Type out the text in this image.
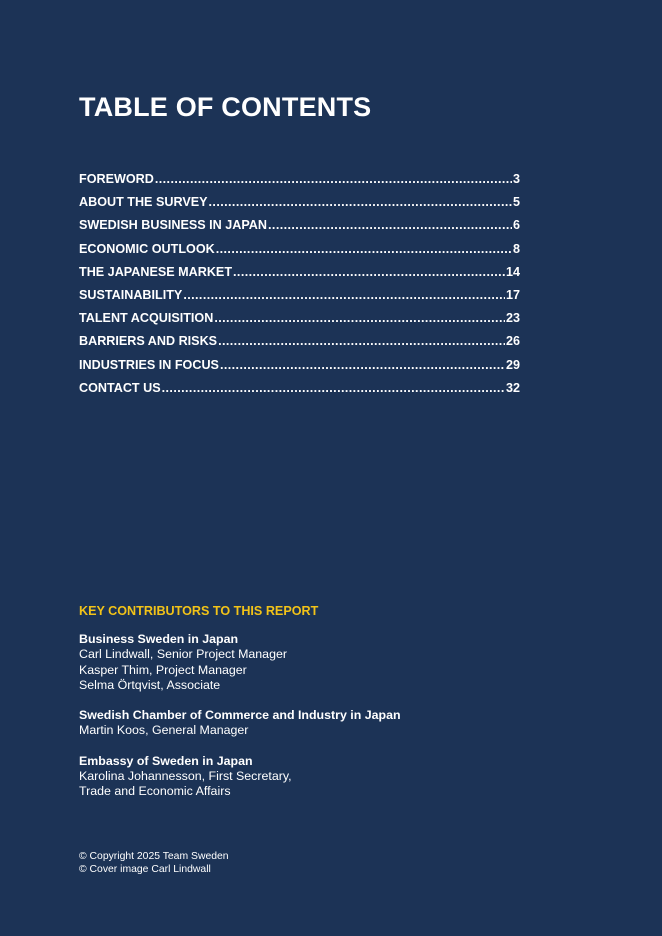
TABLE OF CONTENTS
FOREWORD .....	3
ABOUT THE SURVEY .....	5
SWEDISH BUSINESS IN JAPAN .....	6
ECONOMIC OUTLOOK .....	8
THE JAPANESE MARKET .....	14
SUSTAINABILITY .....	17
TALENT ACQUISITION .....	23
BARRIERS AND RISKS .....	26
INDUSTRIES IN FOCUS .....	29
CONTACT US .....	32
KEY CONTRIBUTORS TO THIS REPORT
Business Sweden in Japan
Carl Lindwall, Senior Project Manager
Kasper Thim, Project Manager
Selma Örtqvist, Associate
Swedish Chamber of Commerce and Industry in Japan
Martin Koos, General Manager
Embassy of Sweden in Japan
Karolina Johannesson, First Secretary,
Trade and Economic Affairs
© Copyright 2025 Team Sweden
© Cover image Carl Lindwall
